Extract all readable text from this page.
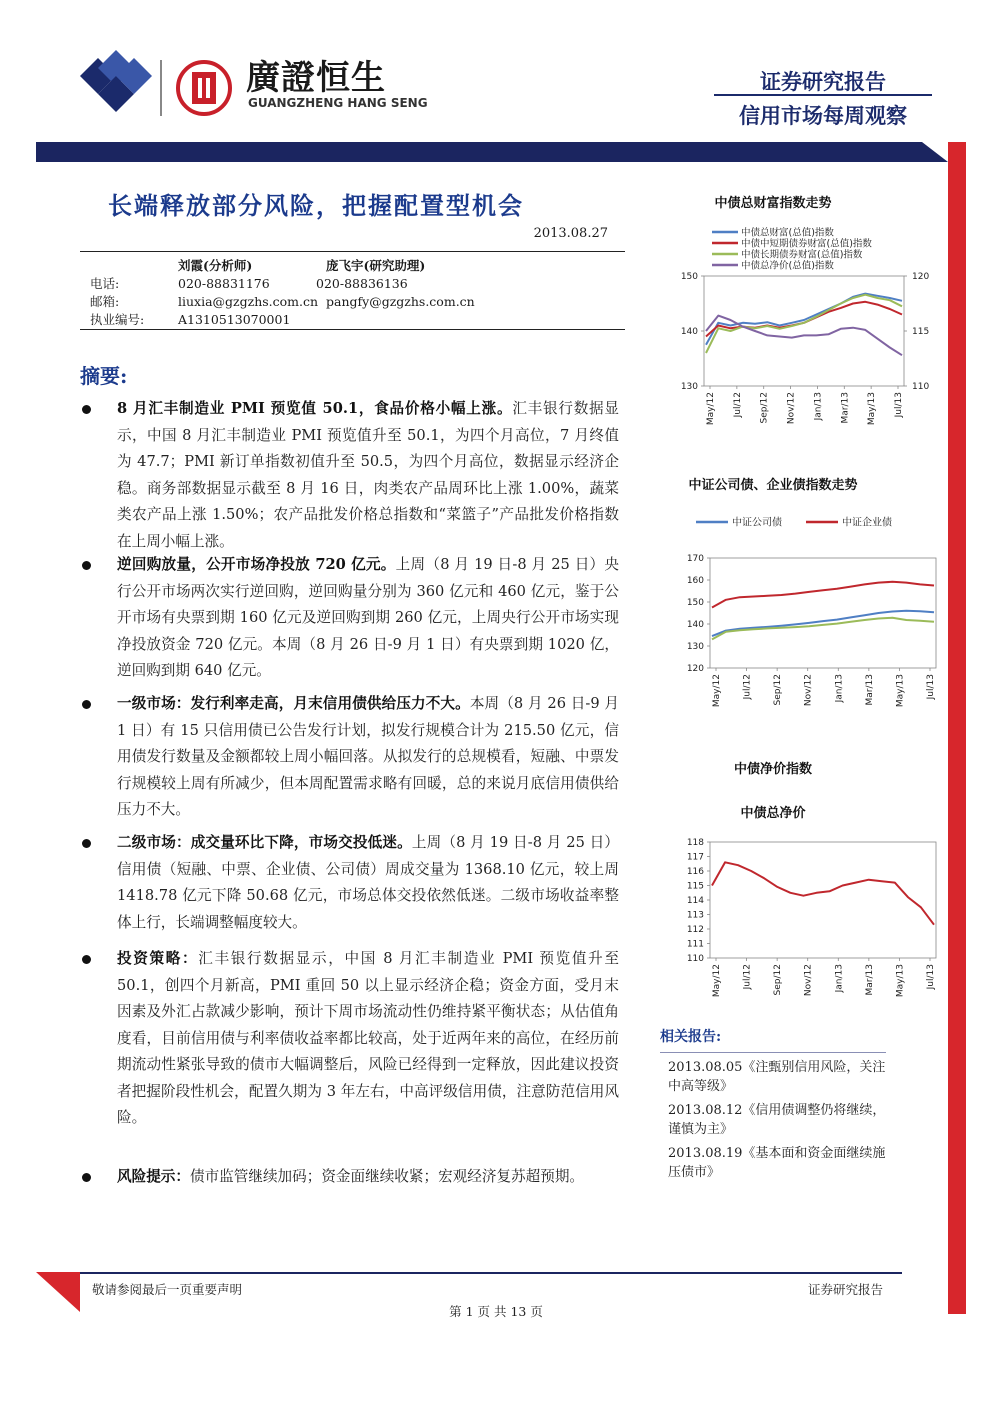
廣證恒生
GUANGZHENG HANG SENG
证券研究报告
信用市场每周观察
长端释放部分风险，把握配置型机会
2013.08.27
刘霞(分析师)	庞飞宇(研究助理)
电话:	020-88831176	020-88836136
邮箱:	liuxia@gzgzhs.com.cn pangfy@gzgzhs.com.cn
执业编号:	A1310513070001
摘要:
8 月汇丰制造业 PMI 预览值 50.1，食品价格小幅上涨。汇丰银行数据显示，中国 8 月汇丰制造业 PMI 预览值升至 50.1，为四个月高位，7 月终值为 47.7；PMI 新订单指数初值升至 50.5，为四个月高位，数据显示经济企稳。商务部数据显示截至 8 月 16 日，肉类农产品周环比上涨 1.00%，蔬菜类农产品上涨 1.50%；农产品批发价格总指数和“菜篮子”产品批发价格指数在上周小幅上涨。
逆回购放量，公开市场净投放 720 亿元。上周（8 月 19 日-8 月 25 日）央行公开市场两次实行逆回购，逆回购量分别为 360 亿元和 460 亿元，鉴于公开市场有央票到期 160 亿元及逆回购到期 260 亿元，上周央行公开市场实现净投放资金 720 亿元。本周（8 月 26 日-9 月 1 日）有央票到期 1020 亿，逆回购到期 640 亿元。
一级市场：发行利率走高，月末信用债供给压力不大。本周（8 月 26 日-9 月 1 日）有 15 只信用债已公告发行计划，拟发行规模合计为 215.50 亿元，信用债发行数量及金额都较上周小幅回落。从拟发行的总规模看，短融、中票发行规模较上周有所减少，但本周配置需求略有回暖，总的来说月底信用债供给压力不大。
二级市场：成交量环比下降，市场交投低迷。上周（8 月 19 日-8 月 25 日）信用债（短融、中票、企业债、公司债）周成交量为 1368.10 亿元，较上周 1418.78 亿元下降 50.68 亿元，市场总体交投依然低迷。二级市场收益率整体上行，长端调整幅度较大。
投资策略：汇丰银行数据显示，中国 8 月汇丰制造业 PMI 预览值升至 50.1，创四个月新高，PMI 重回 50 以上显示经济企稳；资金方面，受月末因素及外汇占款减少影响，预计下周市场流动性仍维持紧平衡状态；从估值角度看，目前信用债与利率债收益率都比较高，处于近两年来的高位，在经历前期流动性紧张导致的债市大幅调整后，风险已经得到一定释放，因此建议投资者把握阶段性机会，配置久期为 3 年左右，中高评级信用债，注意防范信用风险。
风险提示：债市监管继续加码；资金面继续收紧；宏观经济复苏超预期。
中债总财富指数走势
130
140
150
110
115
120
May/12 Jul/12 Sep/12 Nov/12 Jan/13 Mar/13 May/13 Jul/13
中债总财富(总值)指数
中债中短期债券财富(总值)指数
中债长期债券财富(总值)指数
中债总净价(总值)指数
中证公司债、企业债指数走势
120
130
140
150
160
170
May/12 Jul/12 Sep/12 Nov/12 Jan/13 Mar/13 May/13 Jul/13
中证公司债	中证企业债
中债净价指数
中债总净价
110
111
112
113
114
115
116
117
118
May/12 Jul/12 Sep/12 Nov/12 Jan/13 Mar/13 May/13 Jul/13
相关报告:
2013.08.05《注甄别信用风险，关注中高等级》
2013.08.12《信用债调整仍将继续，谨慎为主》
2013.08.19《基本面和资金面继续施压债市》
敬请参阅最后一页重要声明	证券研究报告
第 1 页 共 13 页
